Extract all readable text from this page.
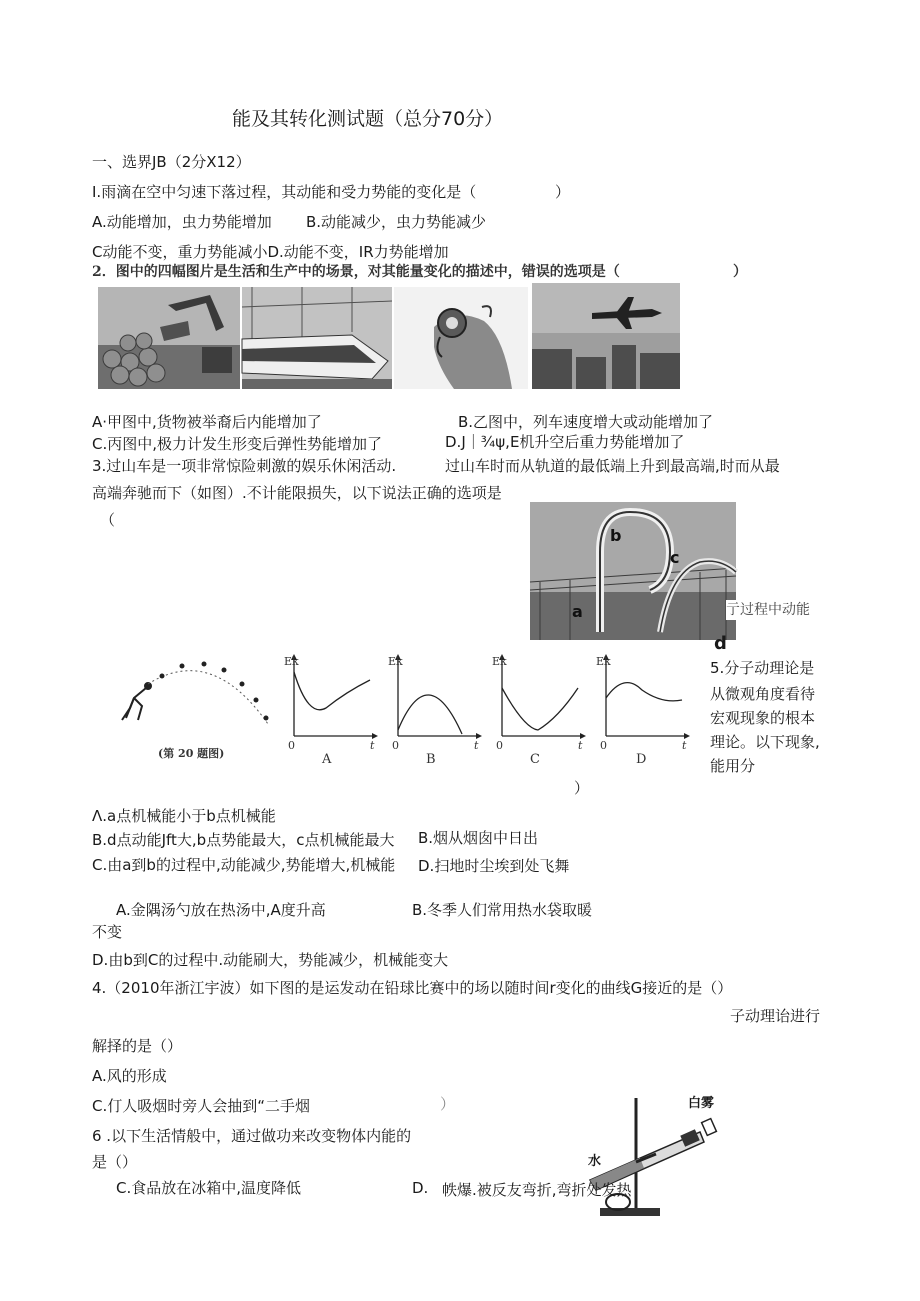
能及其转化测试题（总分70分）
一、选界JB（2分X12）
I.雨滴在空中匀速下落过程，其动能和受力势能的变化是（	）
A.动能增加，虫力势能增加 B.动能减少，虫力势能减少
C动能不变，重力势能减小D.动能不变，IR力势能增加
2．图中的四幅图片是生活和生产中的场景，对其能量变化的描述中，错误的选项是（	）
A·甲图中,货物被举裔后内能增加了	B.乙图中，列车速度增大或动能增加了
C.丙图中,极力计发生形变后弹性势能增加了	D.J｜¾ψ,E机升空后重力势能增加了
3.过山车是一项非常惊险刺激的娱乐休闲活动.	过山车时而从轨道的最低端上升到最高端,时而从最
高端奔驰而下（如图）.不计能限损失，以下说法正确的选项是
（
b
c
a	亍过程中动能
d
(第 20 题图)
Ek	Ek	Ek	Ek
0	0	0	0
t	t	t	t
A	B	C	D
5.分子动理论是
从微观角度看待
宏观现象的根本
理论。以下现象,
能用分
）
Λ.a点机械能小于b点机械能
B.d点动能Jft大,b点势能最大，c点机械能最大 B.烟从烟囱中日出
C.由a到b的过程中,动能减少,势能增大,机械能 D.扫地时尘埃到处飞舞
A.金隅汤勺放在热汤中,A度升高	B.冬季人们常用热水袋取暖
不变
D.由b到C的过程中.动能刷大，势能减少，机械能变大
4.（2010年浙江宇波）如下图的是运发动在铅球比赛中的场以随时间r变化的曲线G接近的是（）
子动理诒进行
解择的是（）
A.风的形成
C.仃人吸烟时旁人会抽到“二手烟	）
6 .以下生活情般中，通过做功来改变物体内能的
是（）
C.食品放在冰箱中,温度降低	D.
白雾
水
帙爆.被反友弯折,弯折处发热
